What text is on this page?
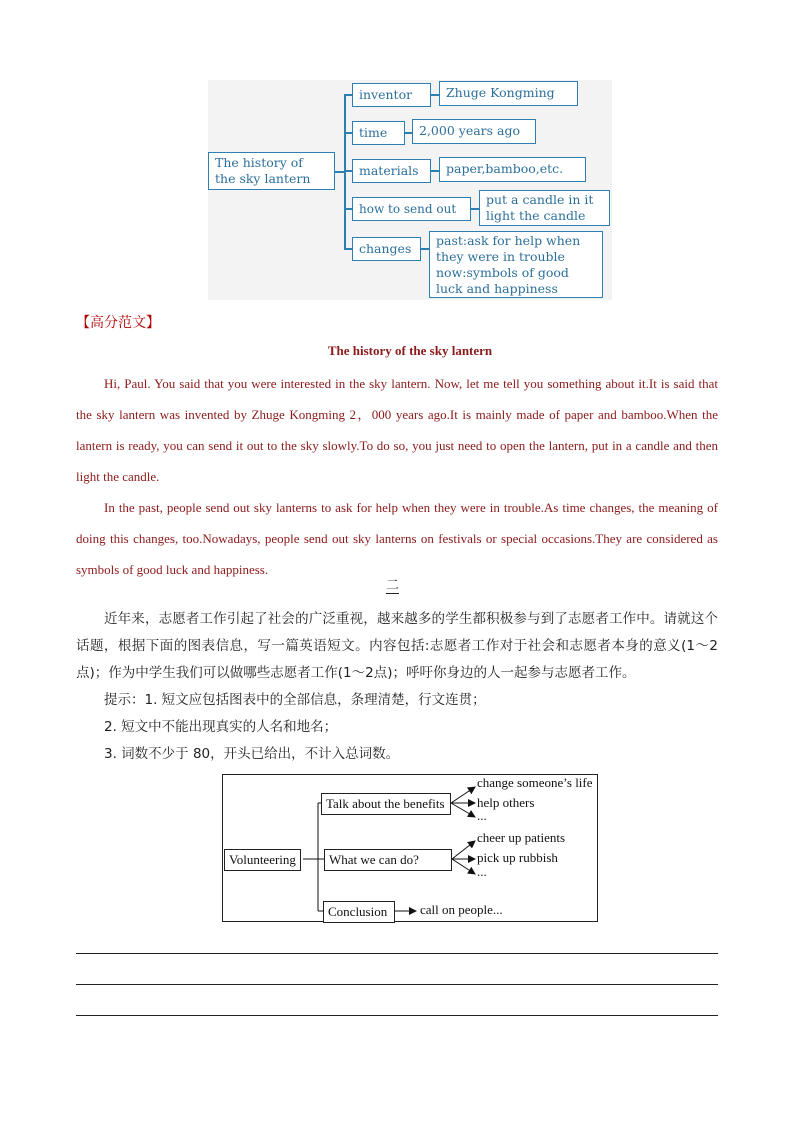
The history of
the sky lantern
inventor	Zhuge Kongming
time	2,000 years ago
materials	paper,bamboo,etc.
how to send out
put a candle in it
light the candle
changes
past:ask for help when
they were in trouble
now:symbols of good
luck and happiness
【高分范文】
The history of the sky lantern

Hi, Paul. You said that you were interested in the sky lantern. Now, let me tell you something about it.It is said that the sky lantern was invented by Zhuge Kongming 2，000 years ago.It is mainly made of paper and bamboo.When the lantern is ready, you can send it out to the sky slowly.To do so, you just need to open the lantern, put in a candle and then light the candle.

In the past, people send out sky lanterns to ask for help when they were in trouble.As time changes, the meaning of doing this changes, too.Nowadays, people send out sky lanterns on festivals or special occasions.They are considered as symbols of good luck and happiness.

二

近年来，志愿者工作引起了社会的广泛重视，越来越多的学生都积极参与到了志愿者工作中。请就这个话题，根据下面的图表信息，写一篇英语短文。内容包括:志愿者工作对于社会和志愿者本身的意义(1～2点)；作为中学生我们可以做哪些志愿者工作(1～2点)；呼吁你身边的人一起参与志愿者工作。

提示：1. 短文应包括图表中的全部信息，条理清楚，行文连贯；

2. 短文中不能出现真实的人名和地名；

3. 词数不少于 80，开头已给出，不计入总词数。

Volunteering
Talk about the benefits
change someone’s life
help others
...
What we can do?
cheer up patients
pick up rubbish
...
Conclusion	call on people...
